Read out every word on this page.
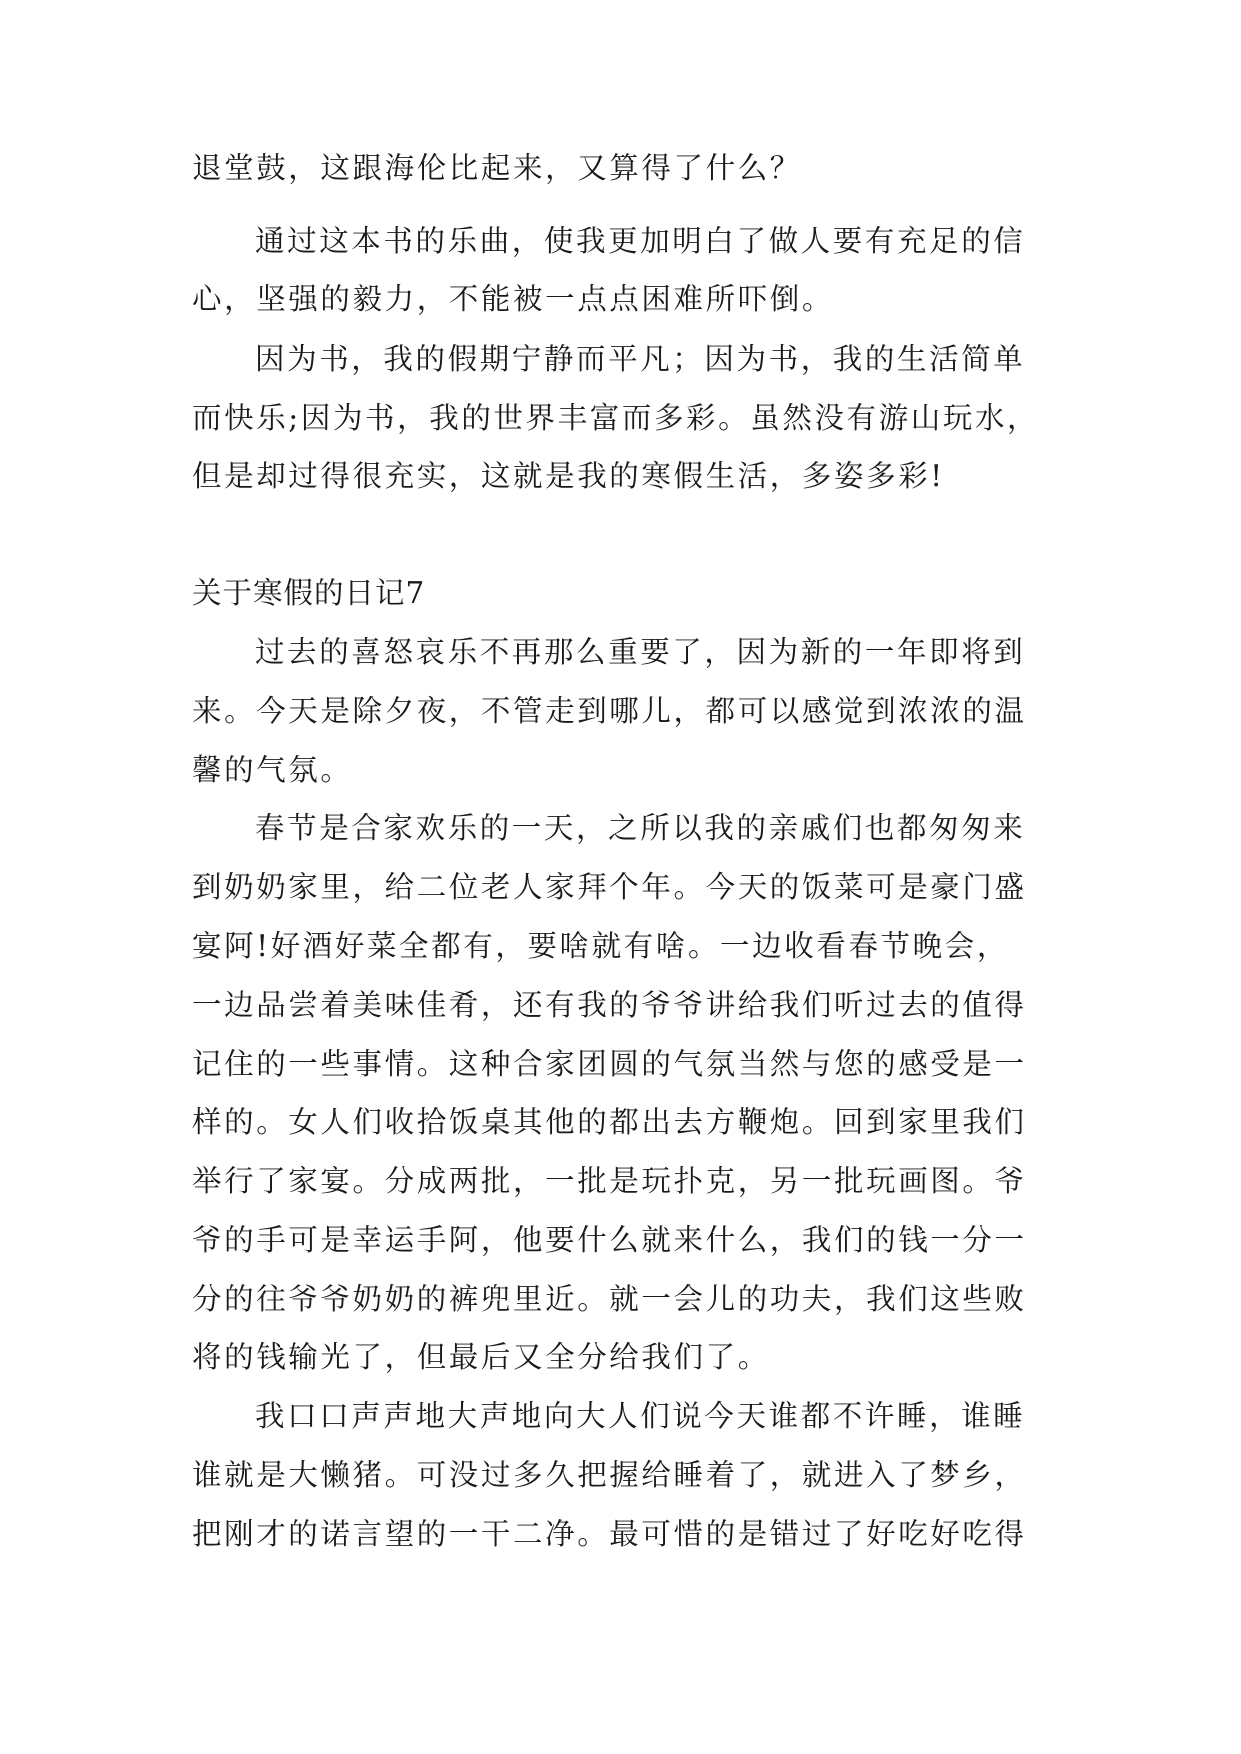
退堂鼓，这跟海伦比起来，又算得了什么？
通过这本书的乐曲，使我更加明白了做人要有充足的信
心，坚强的毅力，不能被一点点困难所吓倒。
因为书，我的假期宁静而平凡；因为书，我的生活简单
而快乐;因为书，我的世界丰富而多彩。虽然没有游山玩水，
但是却过得很充实，这就是我的寒假生活，多姿多彩!
关于寒假的日记7
过去的喜怒哀乐不再那么重要了，因为新的一年即将到
来。今天是除夕夜，不管走到哪儿，都可以感觉到浓浓的温
馨的气氛。
春节是合家欢乐的一天，之所以我的亲戚们也都匆匆来
到奶奶家里，给二位老人家拜个年。今天的饭菜可是豪门盛
宴阿!好酒好菜全都有，要啥就有啥。一边收看春节晚会，
一边品尝着美味佳肴，还有我的爷爷讲给我们听过去的值得
记住的一些事情。这种合家团圆的气氛当然与您的感受是一
样的。女人们收拾饭桌其他的都出去方鞭炮。回到家里我们
举行了家宴。分成两批，一批是玩扑克，另一批玩画图。爷
爷的手可是幸运手阿，他要什么就来什么，我们的钱一分一
分的往爷爷奶奶的裤兜里近。就一会儿的功夫，我们这些败
将的钱输光了，但最后又全分给我们了。
我口口声声地大声地向大人们说今天谁都不许睡，谁睡
谁就是大懒猪。可没过多久把握给睡着了，就进入了梦乡，
把刚才的诺言望的一干二净。最可惜的是错过了好吃好吃得
